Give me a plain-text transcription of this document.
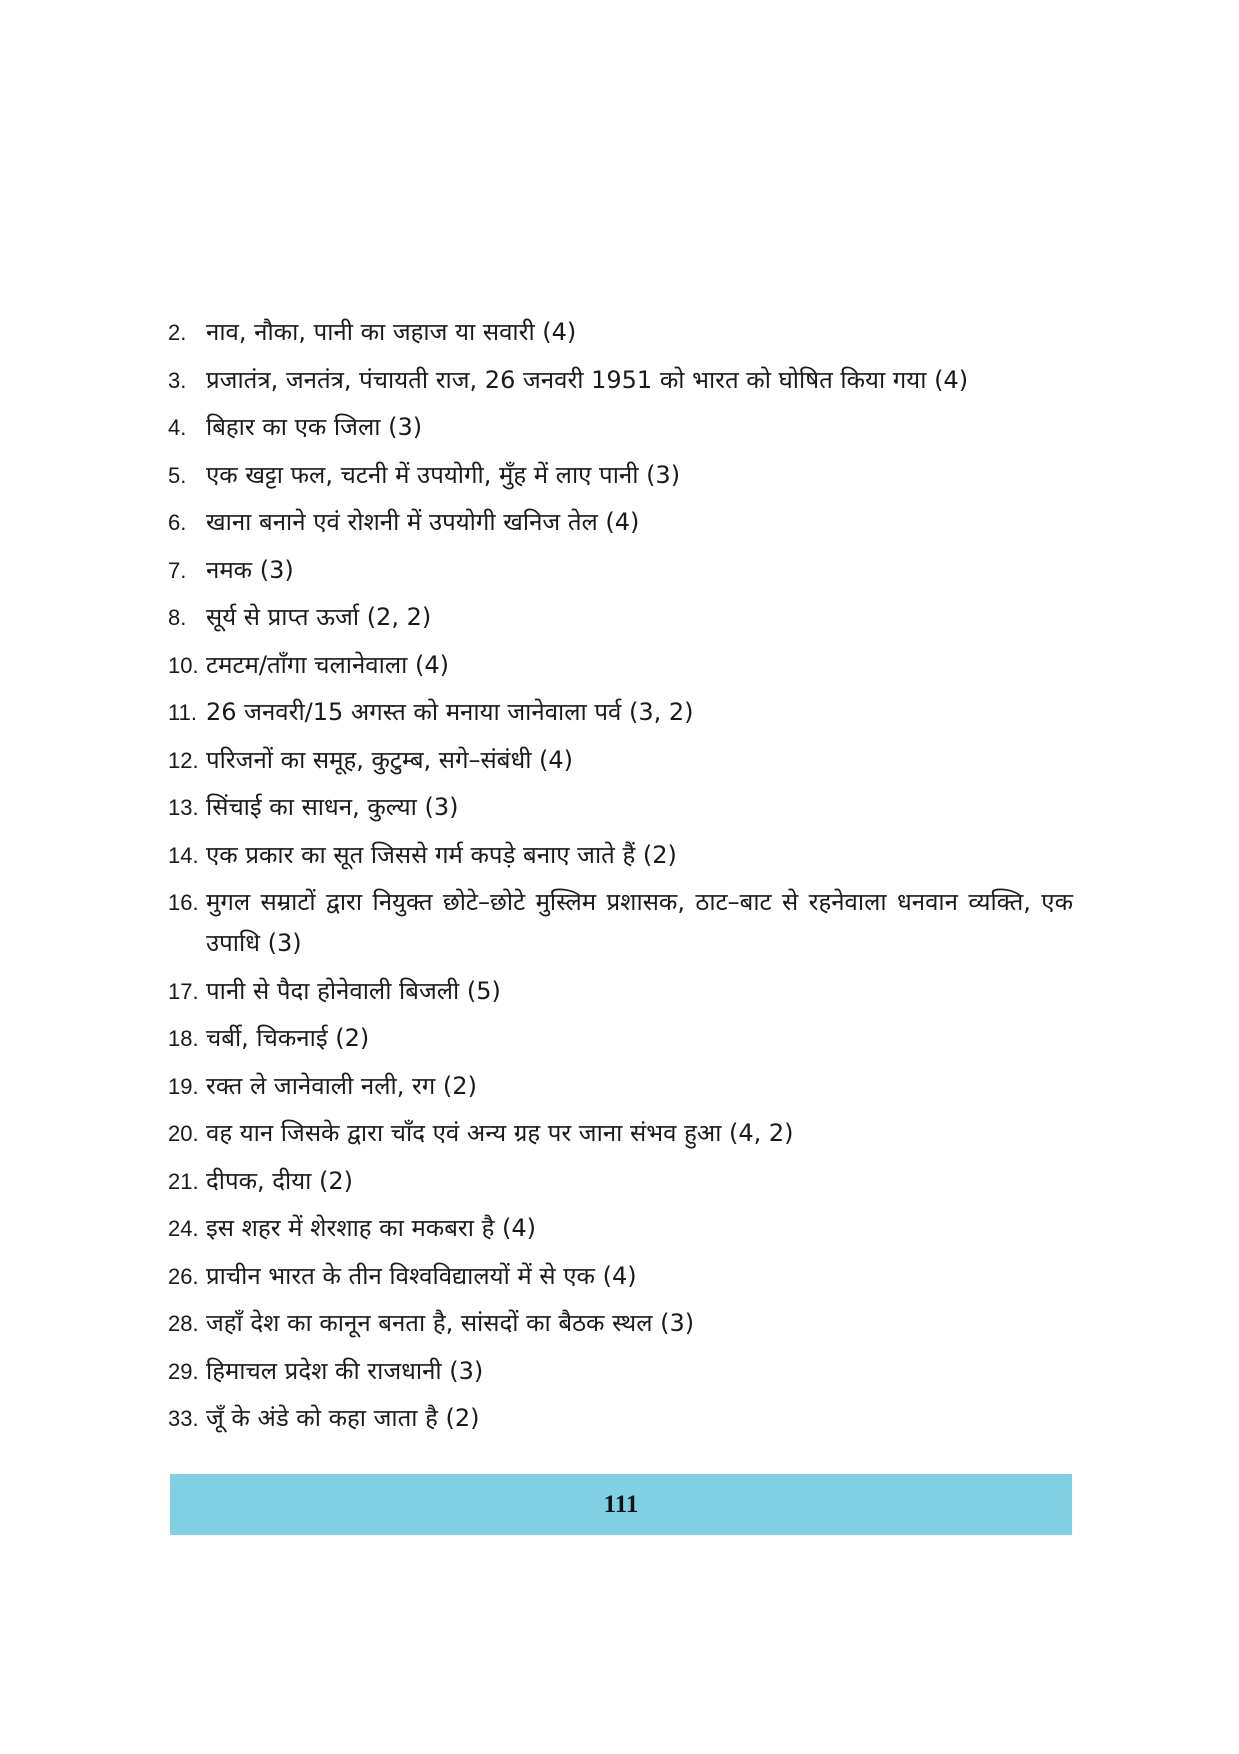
2. नाव, नौका, पानी का जहाज या सवारी (4)
3. प्रजातंत्र, जनतंत्र, पंचायती राज, 26 जनवरी 1951 को भारत को घोषित किया गया (4)
4. बिहार का एक जिला (3)
5. एक खट्टा फल, चटनी में उपयोगी, मुँह में लाए पानी (3)
6. खाना बनाने एवं रोशनी में उपयोगी खनिज तेल (4)
7. नमक (3)
8. सूर्य से प्राप्त ऊर्जा (2, 2)
10. टमटम/ताँगा चलानेवाला (4)
11. 26 जनवरी/15 अगस्त को मनाया जानेवाला पर्व (3, 2)
12. परिजनों का समूह, कुटुम्ब, सगे–संबंधी (4)
13. सिंचाई का साधन, कुल्या (3)
14. एक प्रकार का सूत जिससे गर्म कपड़े बनाए जाते हैं (2)
16. मुगल सम्राटों द्वारा नियुक्त छोटे–छोटे मुस्लिम प्रशासक, ठाट–बाट से रहनेवाला धनवान व्यक्ति, एक उपाधि (3)
17. पानी से पैदा होनेवाली बिजली (5)
18. चर्बी, चिकनाई (2)
19. रक्त ले जानेवाली नली, रग (2)
20. वह यान जिसके द्वारा चाँद एवं अन्य ग्रह पर जाना संभव हुआ (4, 2)
21. दीपक, दीया (2)
24. इस शहर में शेरशाह का मकबरा है (4)
26. प्राचीन भारत के तीन विश्वविद्यालयों में से एक (4)
28. जहाँ देश का कानून बनता है, सांसदों का बैठक स्थल (3)
29. हिमाचल प्रदेश की राजधानी (3)
33. जूँ के अंडे को कहा जाता है (2)
111
